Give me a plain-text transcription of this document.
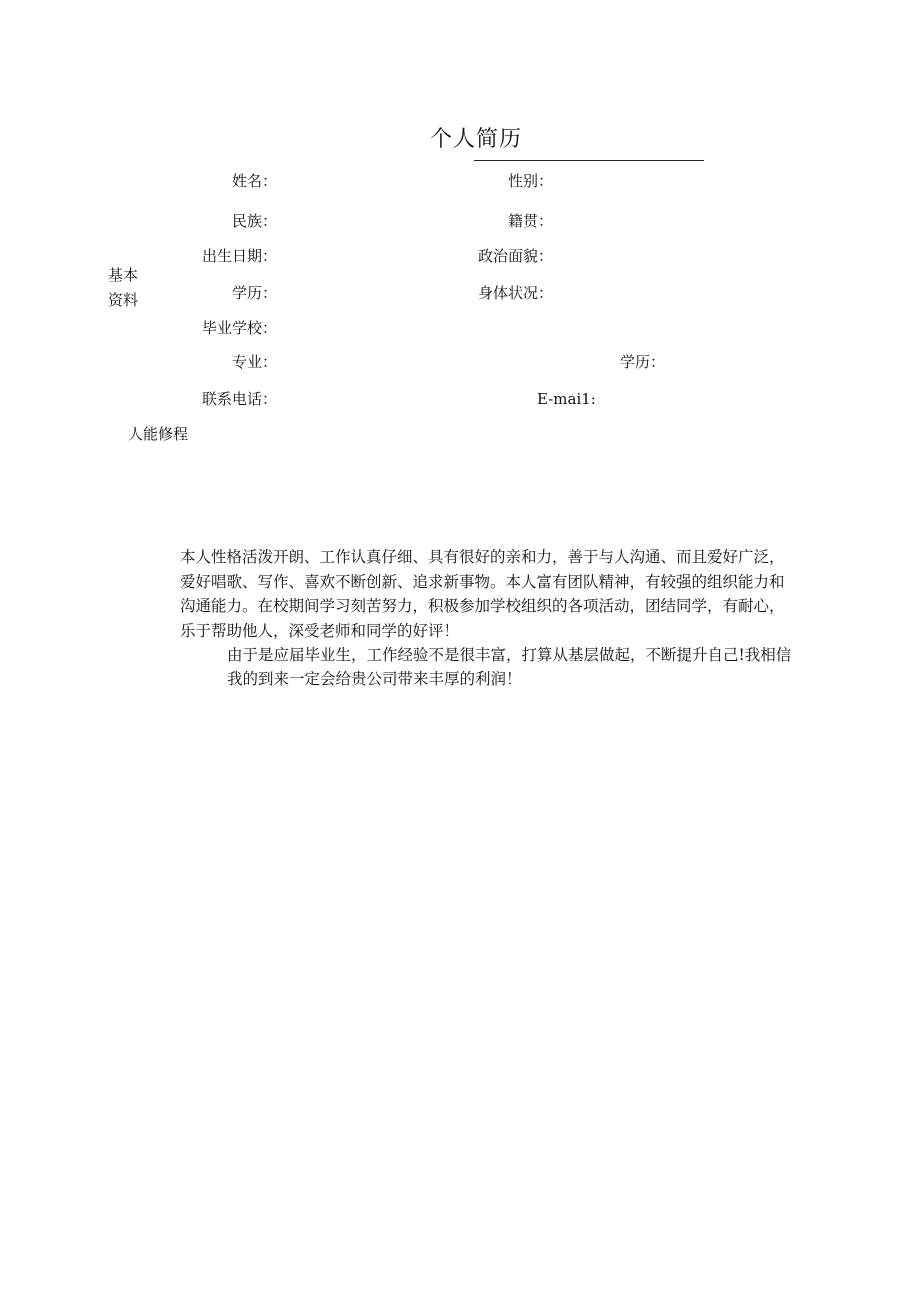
个人简历
基本
资料
姓名：
民族：
出生日期：
学历：
毕业学校：
专业：
联系电话：
性别：
籍贯：
政治面貌：
身体状况：
学历：
E-mai1:
人能修程
本人性格活泼开朗、工作认真仔细、具有很好的亲和力，善于与人沟通、而且爱好广泛，
爱好唱歌、写作、喜欢不断创新、追求新事物。本人富有团队精神，有较强的组织能力和
沟通能力。在校期间学习刻苦努力，积极参加学校组织的各项活动，团结同学，有耐心，
乐于帮助他人，深受老师和同学的好评！
由于是应届毕业生，工作经验不是很丰富，打算从基层做起，不断提升自己!我相信
我的到来一定会给贵公司带来丰厚的利润！
